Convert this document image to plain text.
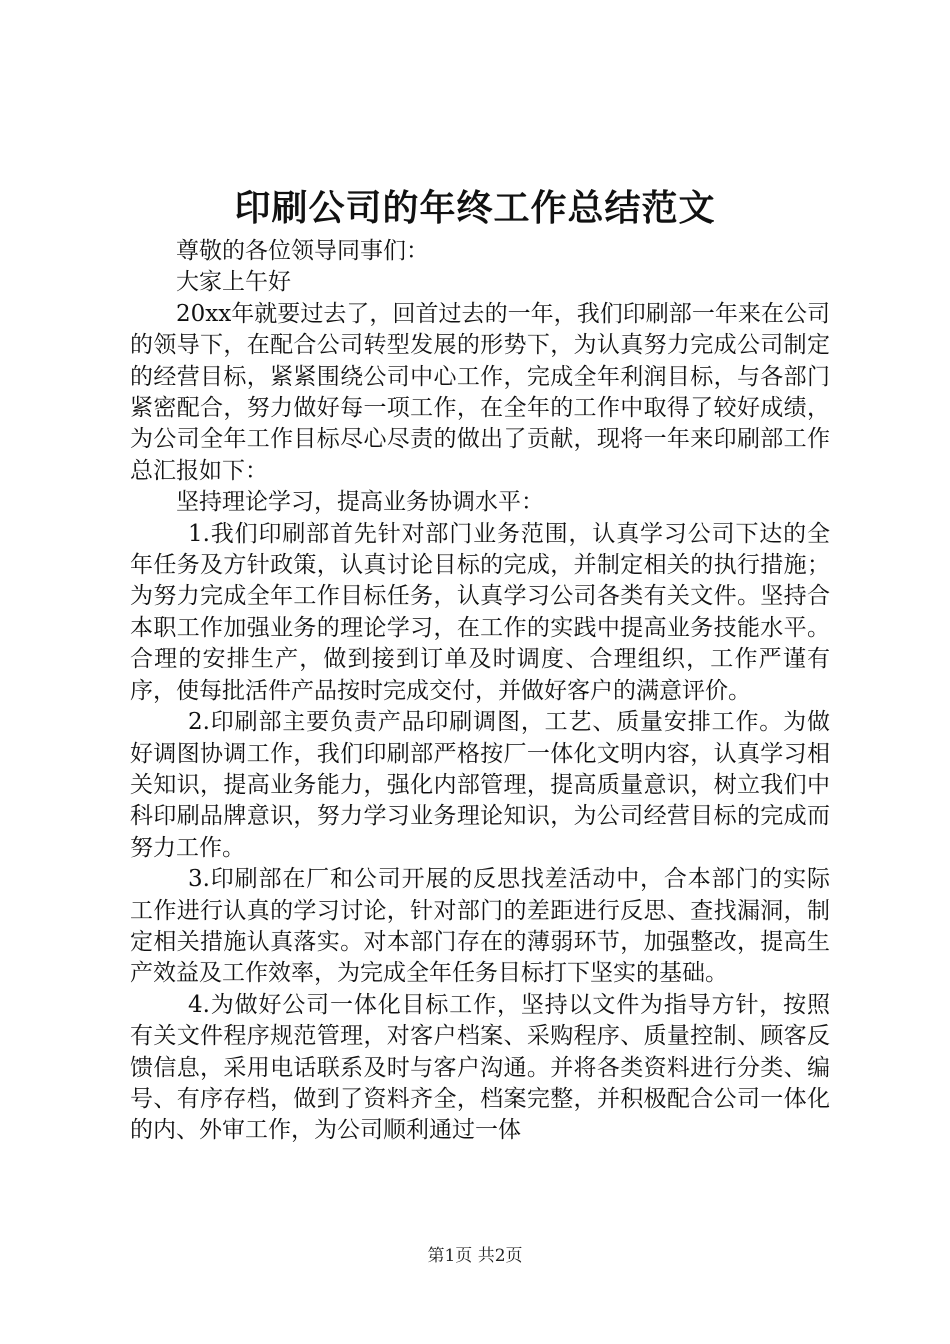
印刷公司的年终工作总结范文

尊敬的各位领导同事们：

大家上午好

20xx年就要过去了，回首过去的一年，我们印刷部一年来在公司的领导下，在配合公司转型发展的形势下，为认真努力完成公司制定的经营目标，紧紧围绕公司中心工作，完成全年利润目标，与各部门紧密配合，努力做好每一项工作，在全年的工作中取得了较好成绩，为公司全年工作目标尽心尽责的做出了贡献，现将一年来印刷部工作总汇报如下：

坚持理论学习，提高业务协调水平：

1.我们印刷部首先针对部门业务范围，认真学习公司下达的全年任务及方针政策，认真讨论目标的完成，并制定相关的执行措施；为努力完成全年工作目标任务，认真学习公司各类有关文件。坚持合本职工作加强业务的理论学习，在工作的实践中提高业务技能水平。合理的安排生产，做到接到订单及时调度、合理组织，工作严谨有序，使每批活件产品按时完成交付，并做好客户的满意评价。

2.印刷部主要负责产品印刷调图，工艺、质量安排工作。为做好调图协调工作，我们印刷部严格按厂一体化文明内容，认真学习相关知识，提高业务能力，强化内部管理，提高质量意识，树立我们中科印刷品牌意识，努力学习业务理论知识，为公司经营目标的完成而努力工作。

3.印刷部在厂和公司开展的反思找差活动中，合本部门的实际工作进行认真的学习讨论，针对部门的差距进行反思、查找漏洞，制定相关措施认真落实。对本部门存在的薄弱环节，加强整改，提高生产效益及工作效率，为完成全年任务目标打下坚实的基础。

4.为做好公司一体化目标工作，坚持以文件为指导方针，按照有关文件程序规范管理，对客户档案、采购程序、质量控制、顾客反馈信息，采用电话联系及时与客户沟通。并将各类资料进行分类、编号、有序存档，做到了资料齐全，档案完整，并积极配合公司一体化的内、外审工作，为公司顺利通过一体

第1页 共2页
